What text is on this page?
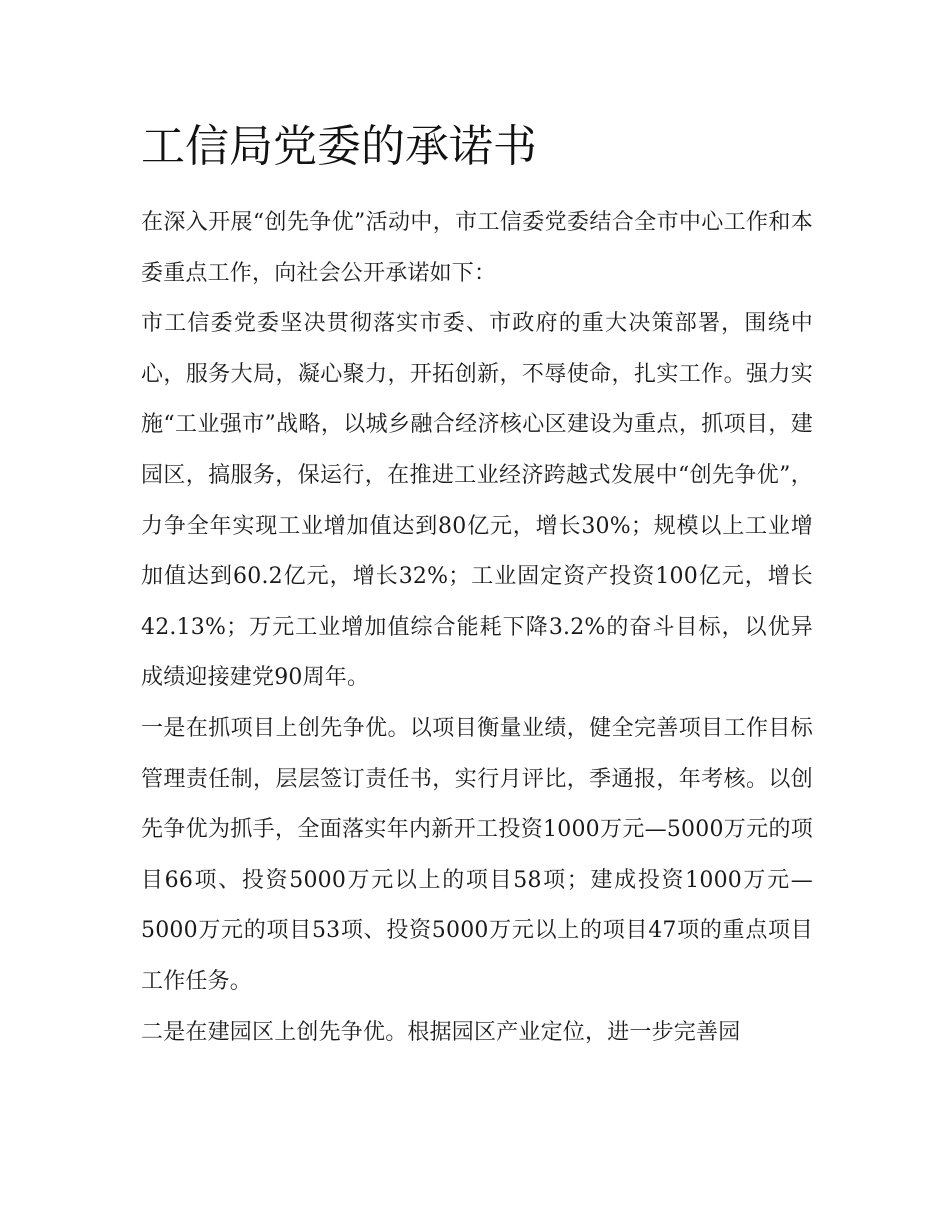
工信局党委的承诺书

在深入开展“创先争优”活动中，市工信委党委结合全市中心工作和本委重点工作，向社会公开承诺如下：

市工信委党委坚决贯彻落实市委、市政府的重大决策部署，围绕中心，服务大局，凝心聚力，开拓创新，不辱使命，扎实工作。强力实施“工业强市”战略，以城乡融合经济核心区建设为重点，抓项目，建园区，搞服务，保运行，在推进工业经济跨越式发展中“创先争优”，力争全年实现工业增加值达到80亿元，增长30%；规模以上工业增加值达到60.2亿元，增长32%；工业固定资产投资100亿元，增长42.13%；万元工业增加值综合能耗下降3.2%的奋斗目标，以优异成绩迎接建党90周年。

一是在抓项目上创先争优。以项目衡量业绩，健全完善项目工作目标管理责任制，层层签订责任书，实行月评比，季通报，年考核。以创先争优为抓手，全面落实年内新开工投资1000万元—5000万元的项目66项、投资5000万元以上的项目58项；建成投资1000万元—5000万元的项目53项、投资5000万元以上的项目47项的重点项目工作任务。

二是在建园区上创先争优。根据园区产业定位，进一步完善园
